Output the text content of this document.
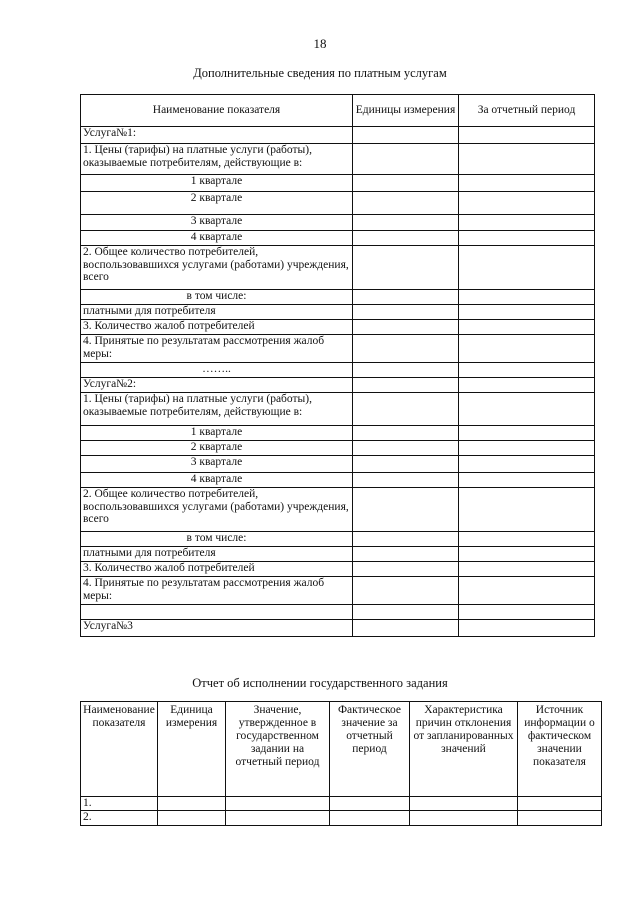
18
Дополнительные сведения по платным услугам
Наименование показателя	Единицы измерения	За отчетный период
Услуга№1:		
1. Цены (тарифы) на платные услуги (работы), оказываемые потребителям, действующие в:		
1 квартале		
2 квартале		
3 квартале		
4 квартале		
2. Общее количество потребителей, воспользовавшихся услугами (работами) учреждения, всего		
в том числе:		
платными для потребителя		
3. Количество жалоб потребителей		
4. Принятые по результатам рассмотрения жалоб меры:		
……..		
Услуга№2:		
1. Цены (тарифы) на платные услуги (работы), оказываемые потребителям, действующие в:		
1 квартале		
2 квартале		
3 квартале		
4 квартале		
2. Общее количество потребителей, воспользовавшихся услугами (работами) учреждения, всего		
в том числе:		
платными для потребителя		
3. Количество жалоб потребителей		
4. Принятые по результатам рассмотрения жалоб меры:		

Услуга№3		
Отчет об исполнении государственного задания
Наименование показателя	Единица измерения	Значение, утвержденное в государственном задании на отчетный период	Фактическое значение за отчетный период	Характеристика причин отклонения от запланированных значений	Источник информации о фактическом значении показателя
1.					
2.					
